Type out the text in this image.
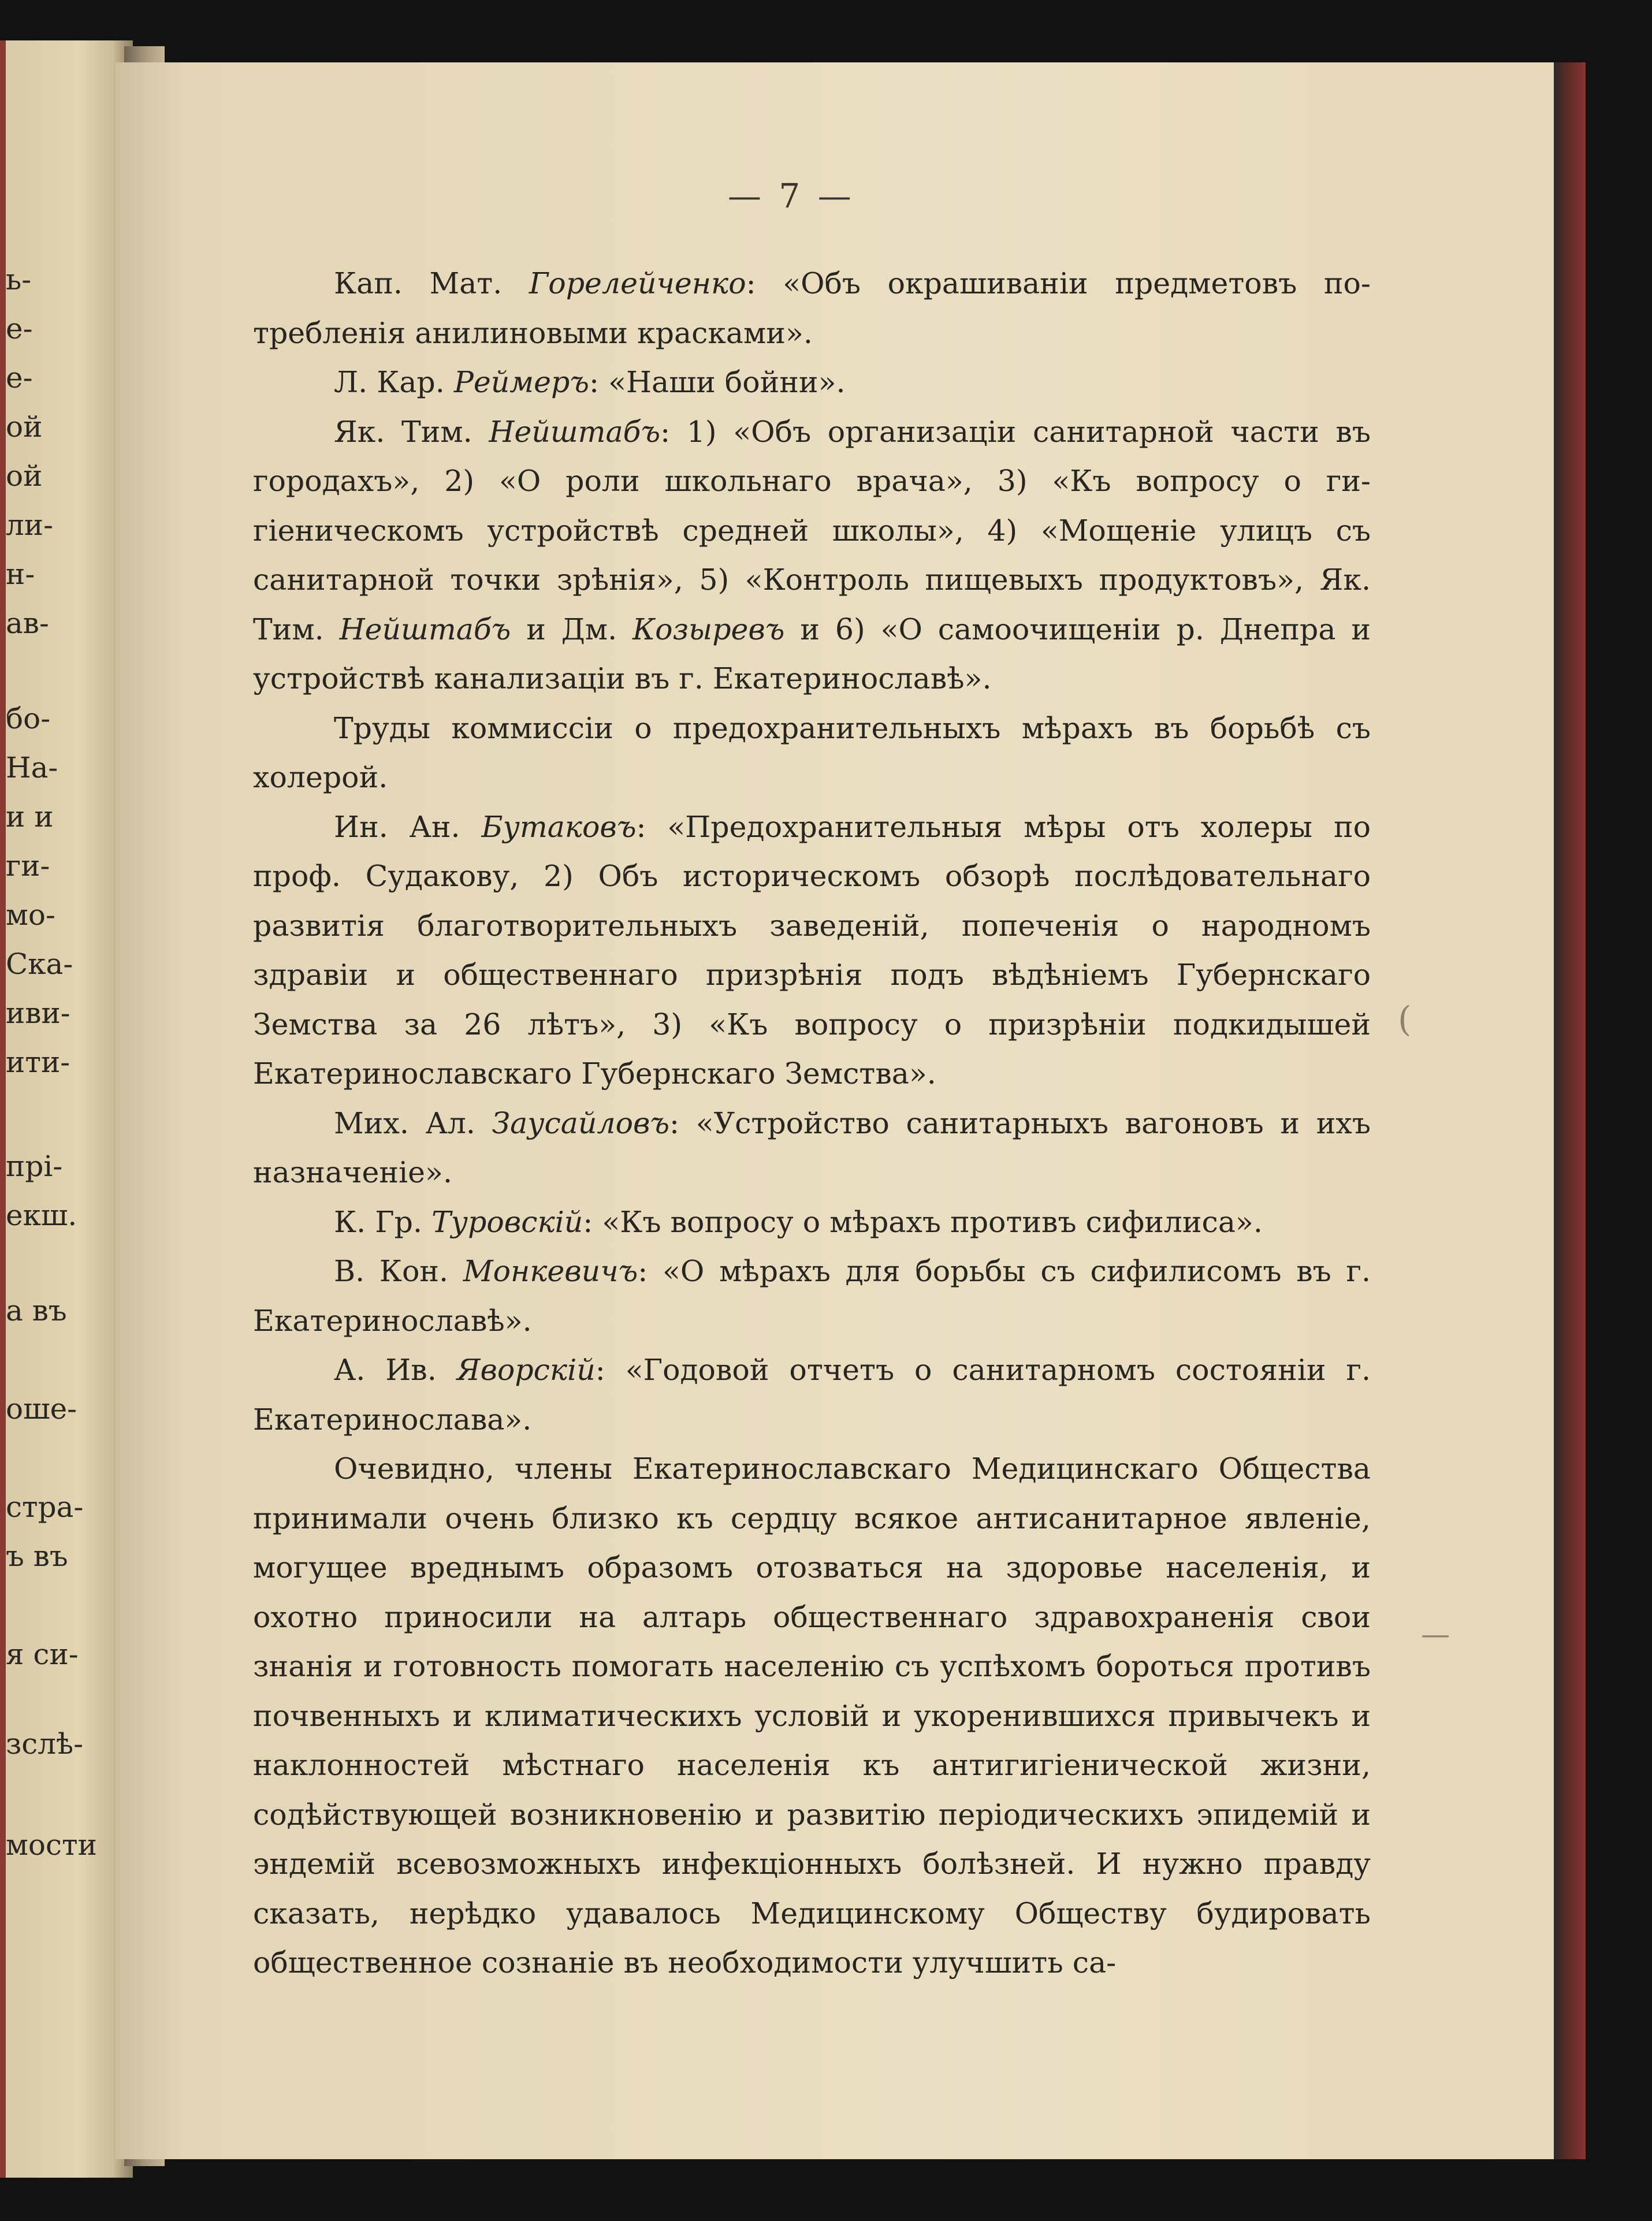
ь-
е-
е-
ой
ой
ли-
н-
ав-
бо-
На-
и и
ги-
мо-
Ска-
иви-
ити-
прі-
екш.
а въ
оше-
стра-
ъ въ
я си-
зслѣ-
мости
— 7 —

Кап. Мат. Горелейченко: «Объ окрашиваніи предметовъ потребленія анилиновыми красками».

Л. Кар. Реймеръ: «Наши бойни».

Як. Тим. Нейштабъ: 1) «Объ организаціи санитарной части въ городахъ», 2) «О роли школьнаго врача», 3) «Къ вопросу о гигіеническомъ устройствѣ средней школы», 4) «Мощеніе улицъ съ санитарной точки зрѣнія», 5) «Контроль пищевыхъ продуктовъ», Як. Тим. Нейштабъ и Дм. Козыревъ и 6) «О самоочищеніи р. Днепра и устройствѣ канализаціи въ г. Екатеринославѣ».

Труды коммиссіи о предохранительныхъ мѣрахъ въ борьбѣ съ холерой.

Ин. Ан. Бутаковъ: «Предохранительныя мѣры отъ холеры по проф. Судакову, 2) Объ историческомъ обзорѣ послѣдовательнаго развитія благотворительныхъ заведеній, попеченія о народномъ здравіи и общественнаго призрѣнія подъ вѣдѣніемъ Губернскаго Земства за 26 лѣтъ», 3) «Къ вопросу о призрѣніи подкидышей Екатеринославскаго Губернскаго Земства».

Мих. Ал. Заусайловъ: «Устройство санитарныхъ вагоновъ и ихъ назначеніе».

К. Гр. Туровскій: «Къ вопросу о мѣрахъ противъ сифилиса».

В. Кон. Монкевичъ: «О мѣрахъ для борьбы съ сифилисомъ въ г. Екатеринославѣ».

А. Ив. Яворскій: «Годовой отчетъ о санитарномъ состояніи г. Екатеринослава».

Очевидно, члены Екатеринославскаго Медицинскаго Общества принимали очень близко къ сердцу всякое антисанитарное явленіе, могущее вреднымъ образомъ отозваться на здоровье населенія, и охотно приносили на алтарь общественнаго здравохраненія свои знанія и готовность помогать населенію съ успѣхомъ бороться противъ почвенныхъ и климатическихъ условій и укоренившихся привычекъ и наклонностей мѣстнаго населенія къ антигигіенической жизни, содѣйствующей возникновенію и развитію періодическихъ эпидемій и эндемій всевозможныхъ инфекціонныхъ болѣзней. И нужно правду сказать, нерѣдко удавалось Медицинскому Обществу будировать общественное сознаніе въ необходимости улучшить са-

(
—
